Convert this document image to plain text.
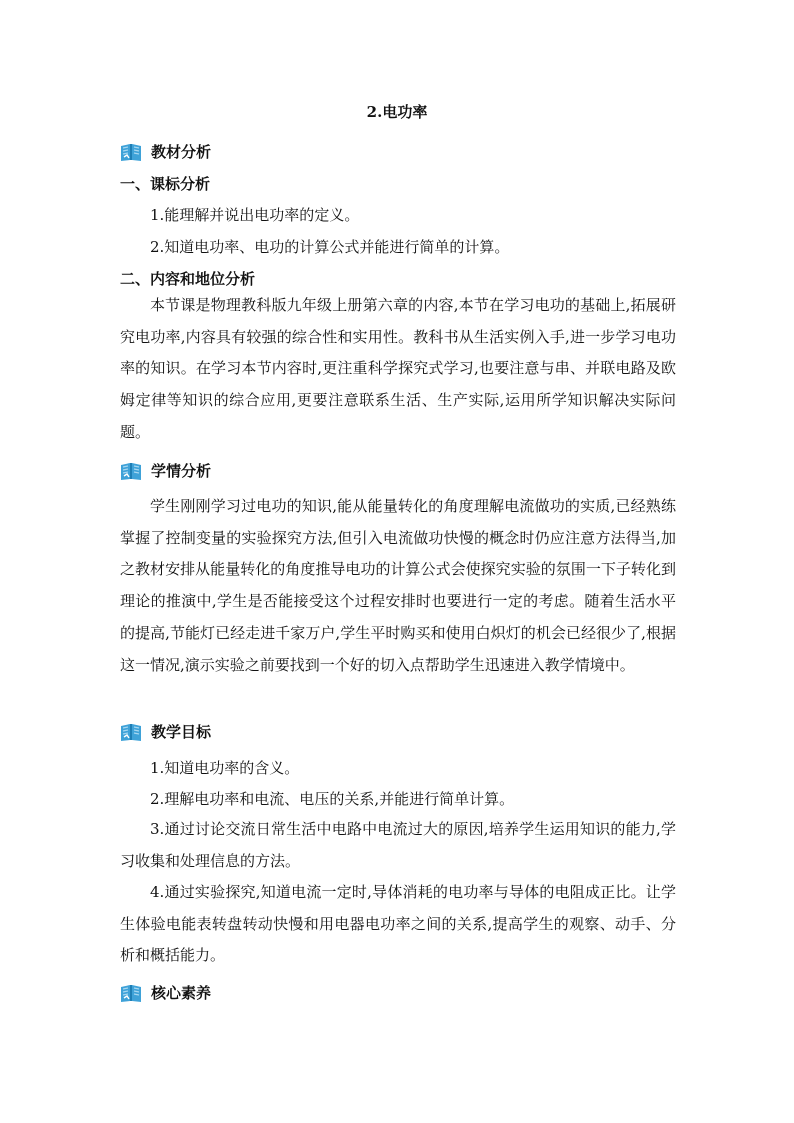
2.电功率
教材分析
一、课标分析
1.能理解并说出电功率的定义。
2.知道电功率、电功的计算公式并能进行简单的计算。
二、内容和地位分析

本节课是物理教科版九年级上册第六章的内容,本节在学习电功的基础上,拓展研究电功率,内容具有较强的综合性和实用性。教科书从生活实例入手,进一步学习电功率的知识。在学习本节内容时,更注重科学探究式学习,也要注意与串、并联电路及欧姆定律等知识的综合应用,更要注意联系生活、生产实际,运用所学知识解决实际问题。

学情分析

学生刚刚学习过电功的知识,能从能量转化的角度理解电流做功的实质,已经熟练掌握了控制变量的实验探究方法,但引入电流做功快慢的概念时仍应注意方法得当,加之教材安排从能量转化的角度推导电功的计算公式会使探究实验的氛围一下子转化到理论的推演中,学生是否能接受这个过程安排时也要进行一定的考虑。随着生活水平的提高,节能灯已经走进千家万户,学生平时购买和使用白炽灯的机会已经很少了,根据这一情况,演示实验之前要找到一个好的切入点帮助学生迅速进入教学情境中。

教学目标
1.知道电功率的含义。
2.理解电功率和电流、电压的关系,并能进行简单计算。

3.通过讨论交流日常生活中电路中电流过大的原因,培养学生运用知识的能力,学习收集和处理信息的方法。

4.通过实验探究,知道电流一定时,导体消耗的电功率与导体的电阻成正比。让学生体验电能表转盘转动快慢和用电器电功率之间的关系,提高学生的观察、动手、分析和概括能力。

核心素养
